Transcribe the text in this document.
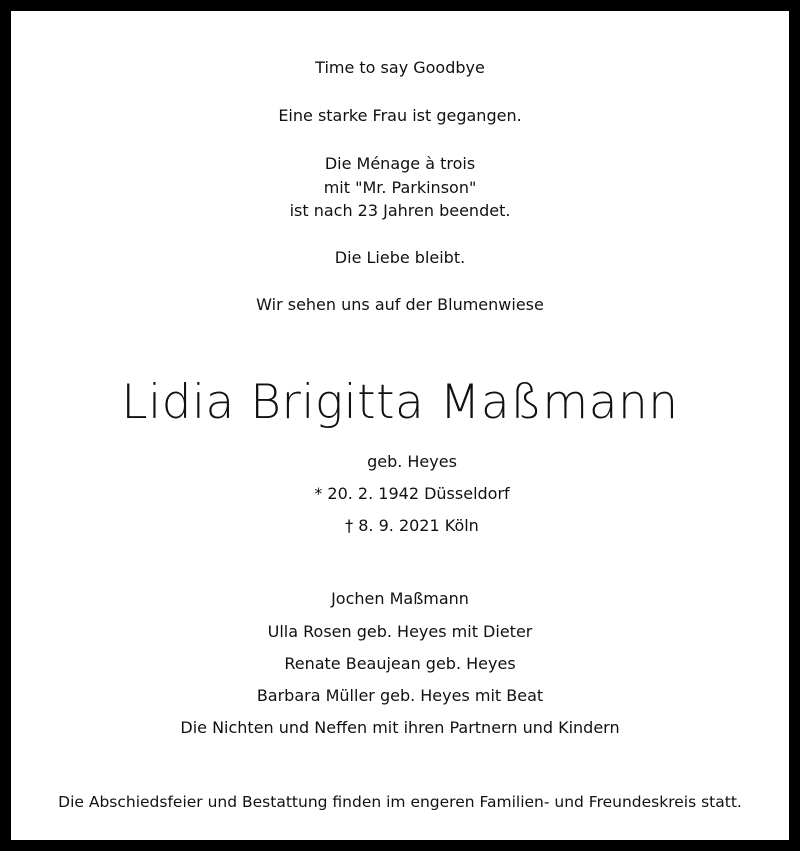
Time to say Goodbye
Eine starke Frau ist gegangen.
Die Ménage à trois
mit "Mr. Parkinson"
ist nach 23 Jahren beendet.
Die Liebe bleibt.
Wir sehen uns auf der Blumenwiese
Lidia Brigitta Maßmann
geb. Heyes
* 20. 2. 1942 Düsseldorf
† 8. 9. 2021 Köln
Jochen Maßmann
Ulla Rosen geb. Heyes mit Dieter
Renate Beaujean geb. Heyes
Barbara Müller geb. Heyes mit Beat
Die Nichten und Neffen mit ihren Partnern und Kindern
Die Abschiedsfeier und Bestattung finden im engeren Familien- und Freundeskreis statt.
